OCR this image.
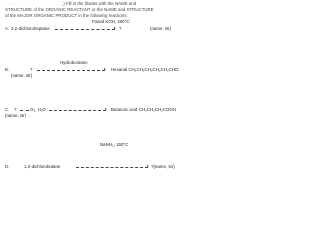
. . . . . . . . . . . .	.) Fill in the blanks with the NAME and
STRUCTURE of the ORGANIC REACTANT or the NAME and STRUCTURE
of the MAJOR ORGANIC PRODUCT in the following reactions:
Fused KOH, 200°C
A. 2,2-dichloroheptane	?	(name, str)
Hydroboration
B.	?	Hexanal CH₃CH₂CH₂CH₂CH₂CHO
(name, str)
C. ?	O₃, H₂O	Butanoic acid CH₃CH₂CH₂COOH
(name, str)
NaNH₂, 150°C
D.	1,2-dichlorobutane	?(name, str)
